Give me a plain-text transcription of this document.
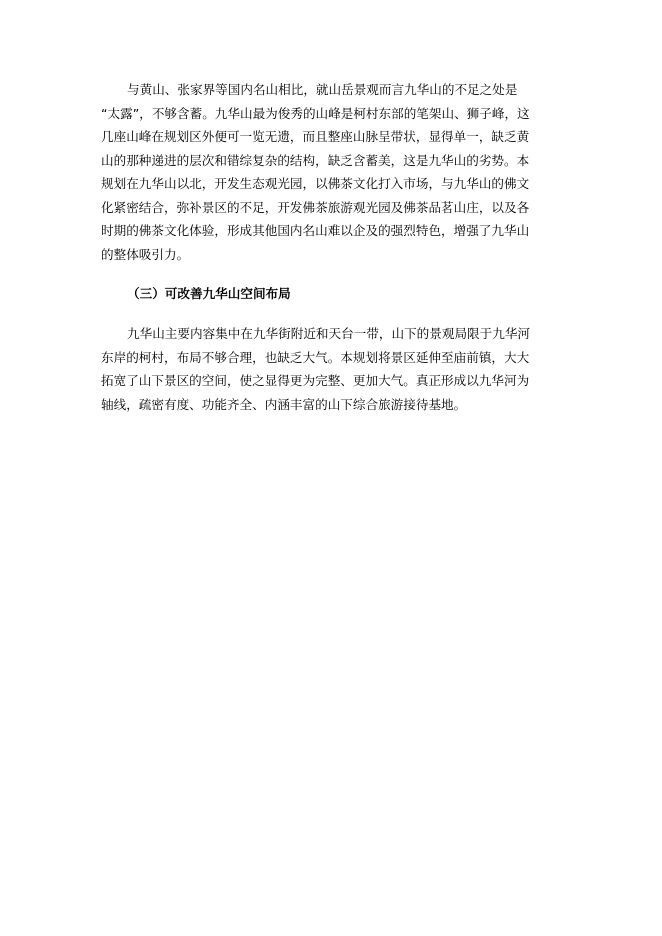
与黄山、张家界等国内名山相比，就山岳景观而言九华山的不足之处是
“太露”，不够含蓄。九华山最为俊秀的山峰是柯村东部的笔架山、狮子峰，这
几座山峰在规划区外便可一览无遗，而且整座山脉呈带状，显得单一，缺乏黄
山的那种递进的层次和错综复杂的结构，缺乏含蓄美，这是九华山的劣势。本
规划在九华山以北，开发生态观光园，以佛茶文化打入市场，与九华山的佛文
化紧密结合，弥补景区的不足，开发佛茶旅游观光园及佛茶品茗山庄，以及各
时期的佛茶文化体验，形成其他国内名山难以企及的强烈特色，增强了九华山
的整体吸引力。
（三）可改善九华山空间布局
九华山主要内容集中在九华街附近和天台一带，山下的景观局限于九华河
东岸的柯村，布局不够合理，也缺乏大气。本规划将景区延伸至庙前镇，大大
拓宽了山下景区的空间，使之显得更为完整、更加大气。真正形成以九华河为
轴线，疏密有度、功能齐全、内涵丰富的山下综合旅游接待基地。
